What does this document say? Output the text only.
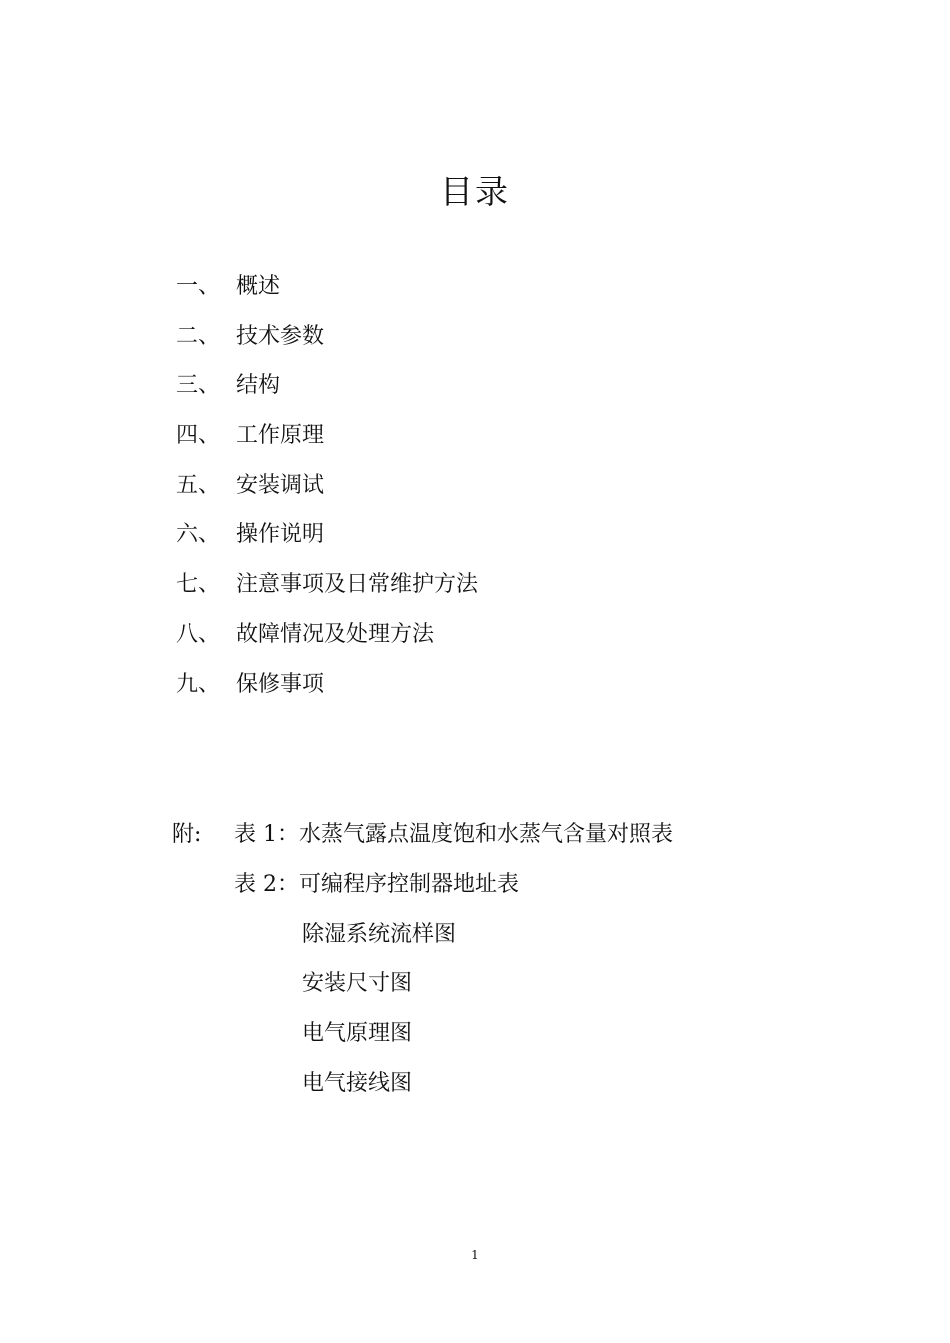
目录
一、 概述
二、 技术参数
三、 结构
四、 工作原理
五、 安装调试
六、 操作说明
七、 注意事项及日常维护方法
八、 故障情况及处理方法
九、 保修事项
附:	表 1：水蒸气露点温度饱和水蒸气含量对照表
表 2：可编程序控制器地址表
除湿系统流样图
安装尺寸图
电气原理图
电气接线图
1
